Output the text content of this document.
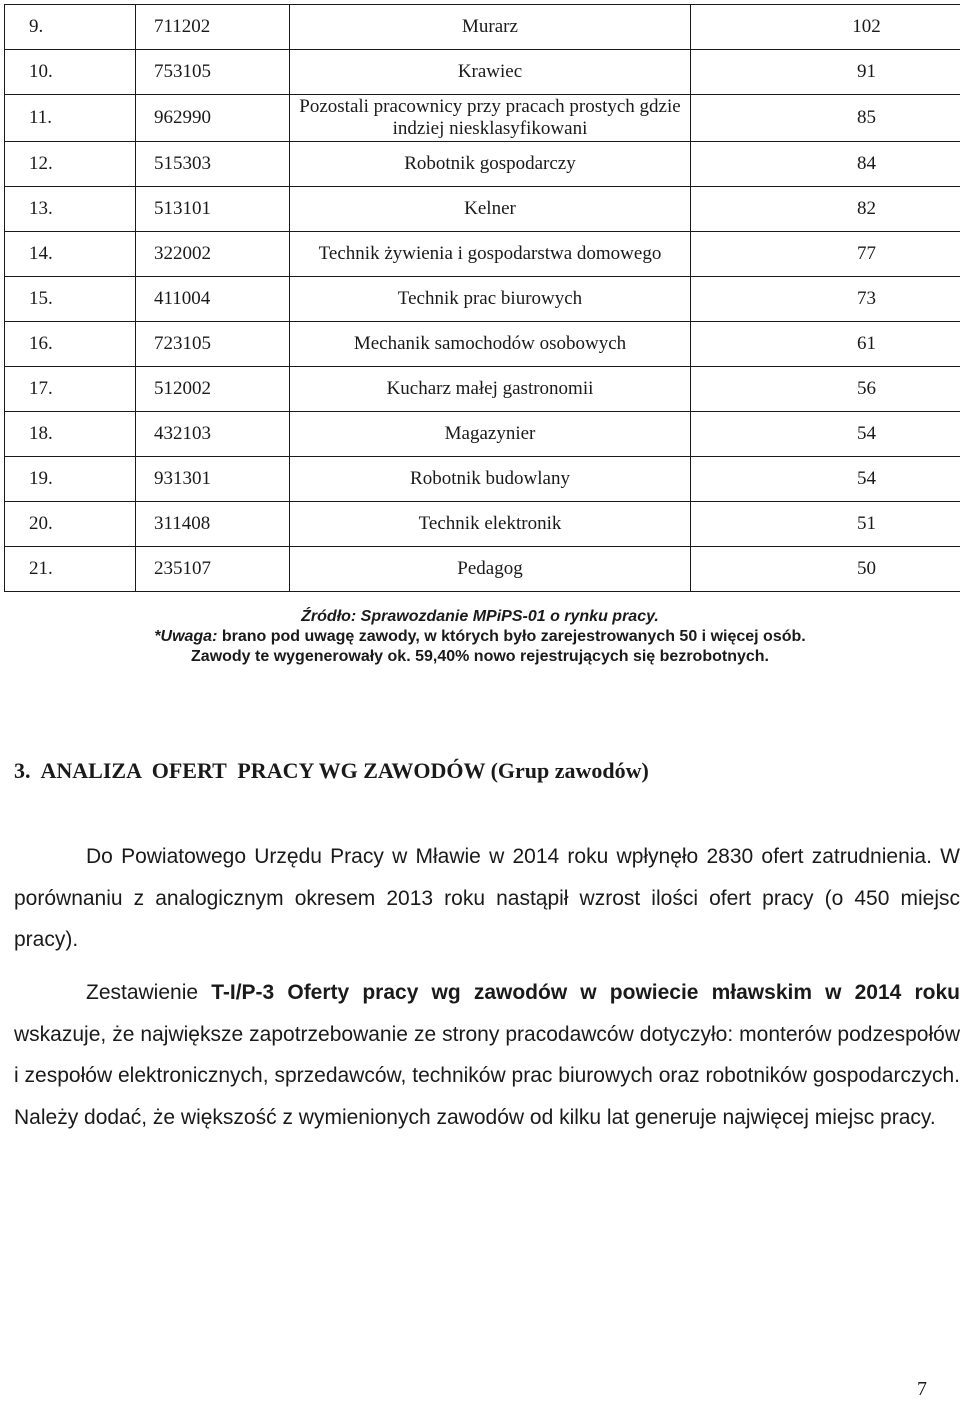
9.	711202	Murarz	102
10.	753105	Krawiec	91
11.	962990	Pozostali pracownicy przy pracach prostych gdzie indziej niesklasyfikowani	85
12.	515303	Robotnik gospodarczy	84
13.	513101	Kelner	82
14.	322002	Technik żywienia i gospodarstwa domowego	77
15.	411004	Technik prac biurowych	73
16.	723105	Mechanik samochodów osobowych	61
17.	512002	Kucharz małej gastronomii	56
18.	432103	Magazynier	54
19.	931301	Robotnik budowlany	54
20.	311408	Technik elektronik	51
21.	235107	Pedagog	50
Źródło: Sprawozdanie MPiPS-01 o rynku pracy.
*Uwaga: brano pod uwagę zawody, w których było zarejestrowanych 50 i więcej osób.
Zawody te wygenerowały ok. 59,40% nowo rejestrujących się bezrobotnych.
3. ANALIZA  OFERT  PRACY WG ZAWODÓW (Grup zawodów)
Do Powiatowego Urzędu Pracy w Mławie w 2014 roku wpłynęło 2830 ofert zatrudnienia. W porównaniu z analogicznym okresem 2013 roku nastąpił wzrost ilości ofert pracy (o 450 miejsc pracy).
Zestawienie T-I/P-3 Oferty pracy wg zawodów w powiecie mławskim w 2014 roku wskazuje, że największe zapotrzebowanie ze strony pracodawców dotyczyło: monterów podzespołów i zespołów elektronicznych, sprzedawców, techników prac biurowych oraz robotników gospodarczych. Należy dodać, że większość z wymienionych zawodów od kilku lat generuje najwięcej miejsc pracy.
7
